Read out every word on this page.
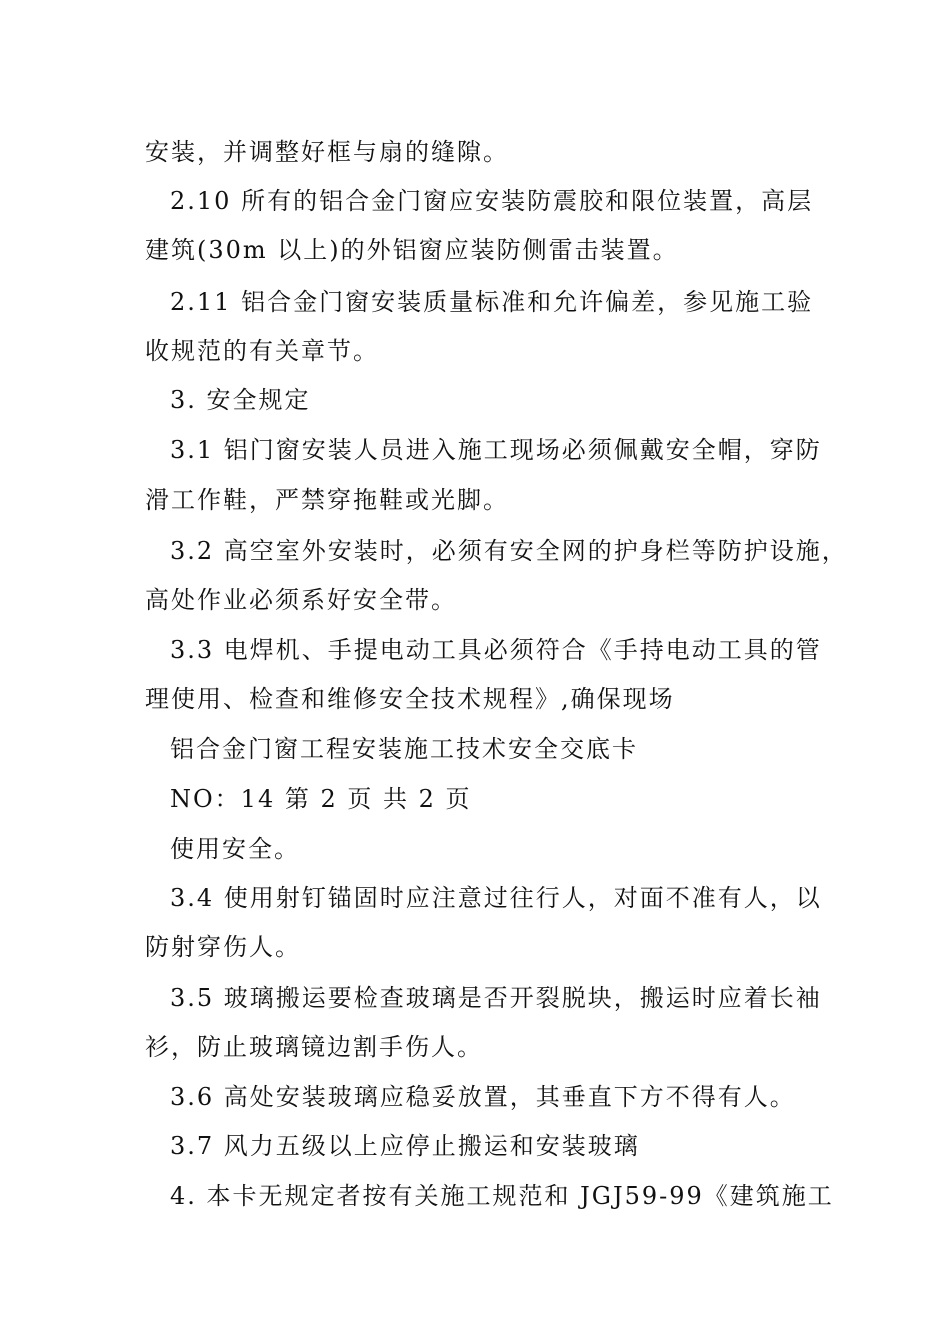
安装，并调整好框与扇的缝隙。
2.10 所有的铝合金门窗应安装防震胶和限位装置，高层
建筑(30m 以上)的外铝窗应装防侧雷击装置。
2.11 铝合金门窗安装质量标准和允许偏差，参见施工验
收规范的有关章节。
3. 安全规定
3.1 铝门窗安装人员进入施工现场必须佩戴安全帽，穿防
滑工作鞋，严禁穿拖鞋或光脚。
3.2 高空室外安装时，必须有安全网的护身栏等防护设施，
高处作业必须系好安全带。
3.3 电焊机、手提电动工具必须符合《手持电动工具的管
理使用、检查和维修安全技术规程》,确保现场
铝合金门窗工程安装施工技术安全交底卡
NO：14 第 2 页 共 2 页
使用安全。
3.4 使用射钉锚固时应注意过往行人，对面不准有人，以
防射穿伤人。
3.5 玻璃搬运要检查玻璃是否开裂脱块，搬运时应着长袖
衫，防止玻璃镜边割手伤人。
3.6 高处安装玻璃应稳妥放置，其垂直下方不得有人。
3.7 风力五级以上应停止搬运和安装玻璃
4. 本卡无规定者按有关施工规范和 JGJ59-99《建筑施工
